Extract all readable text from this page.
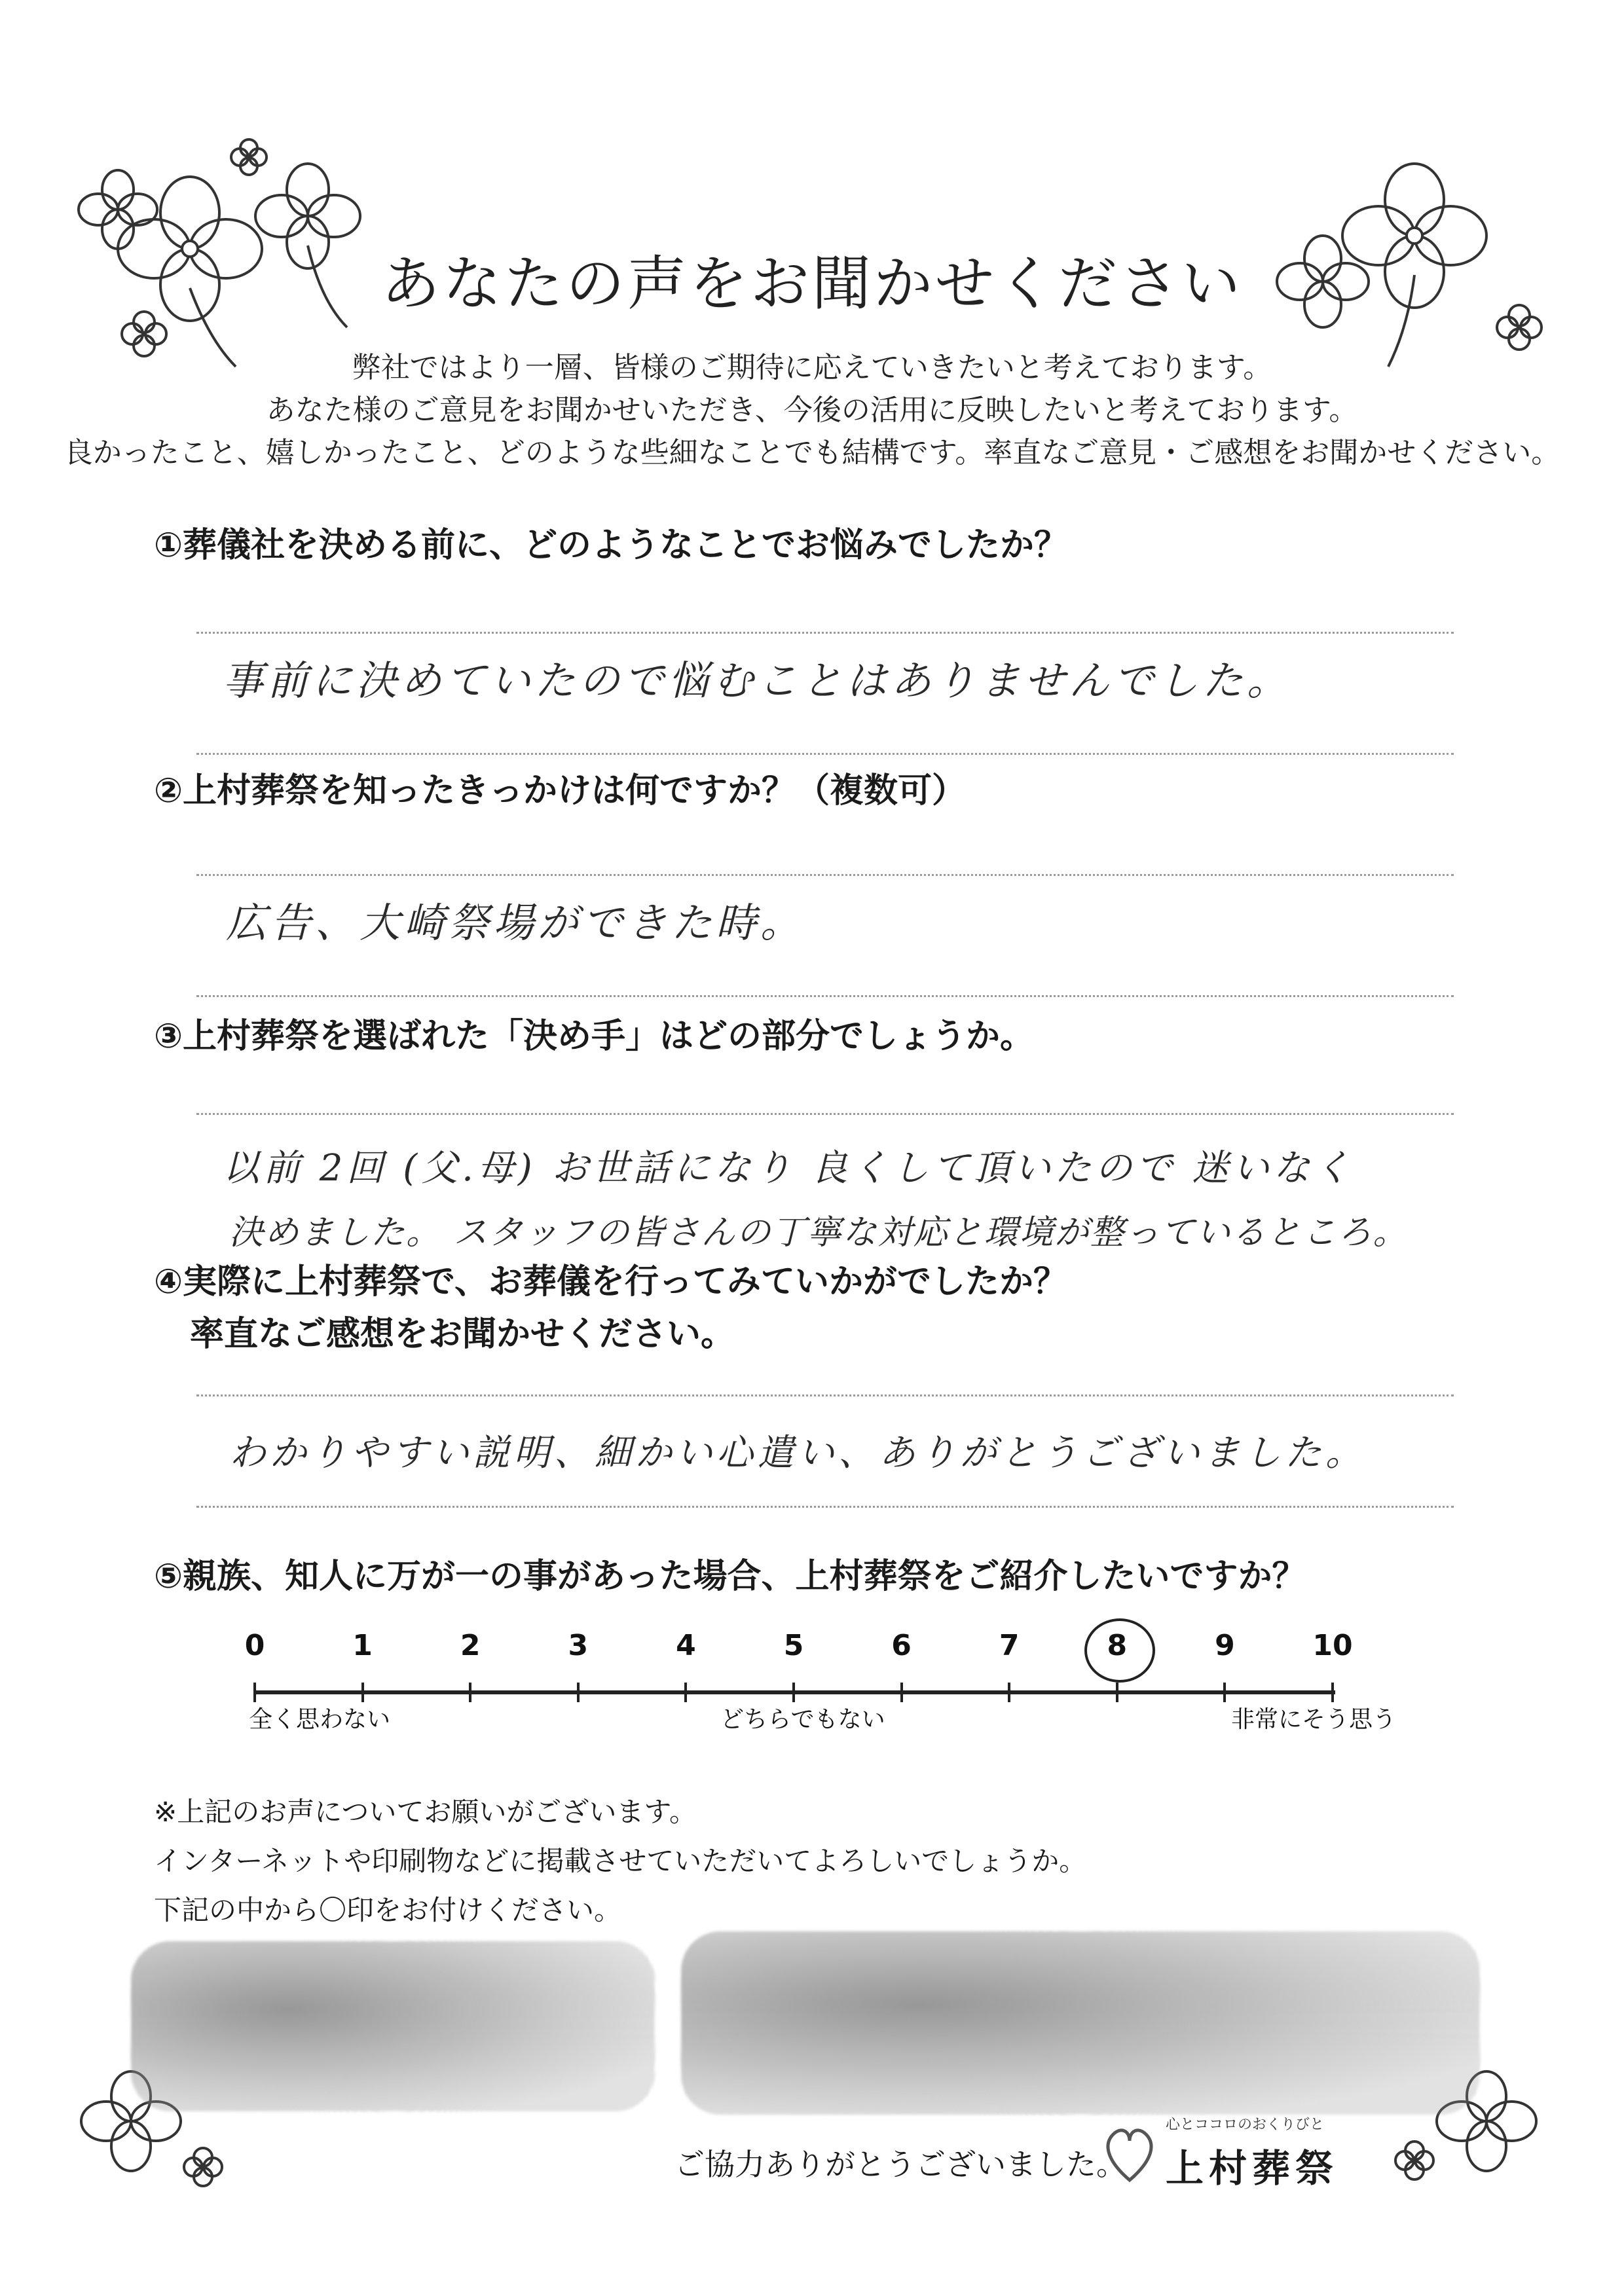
あなたの声をお聞かせください
弊社ではより一層、皆様のご期待に応えていきたいと考えております。
あなた様のご意見をお聞かせいただき、今後の活用に反映したいと考えております。
良かったこと、嬉しかったこと、どのような些細なことでも結構です。率直なご意見・ご感想をお聞かせください。
①葬儀社を決める前に、どのようなことでお悩みでしたか？
事前に決めていたので悩むことはありませんでした。
②上村葬祭を知ったきっかけは何ですか？（複数可）
広告、大崎祭場ができた時。
③上村葬祭を選ばれた「決め手」はどの部分でしょうか。
以前 2回 (父.母) お世話になり 良くして頂いたので 迷いなく
決めました。 スタッフの皆さんの丁寧な対応と環境が整っているところ。
④実際に上村葬祭で、お葬儀を行ってみていかがでしたか？
率直なご感想をお聞かせください。
わかりやすい説明、細かい心遣い、ありがとうございました。
⑤親族、知人に万が一の事があった場合、上村葬祭をご紹介したいですか？
0	1	2	3	4	5	6	7	8	9	10
全く思わない	どちらでもない	非常にそう思う
※上記のお声についてお願いがございます。
インターネットや印刷物などに掲載させていただいてよろしいでしょうか。
下記の中から〇印をお付けください。
ご協力ありがとうございました。
心とココロのおくりびと
上村葬祭
